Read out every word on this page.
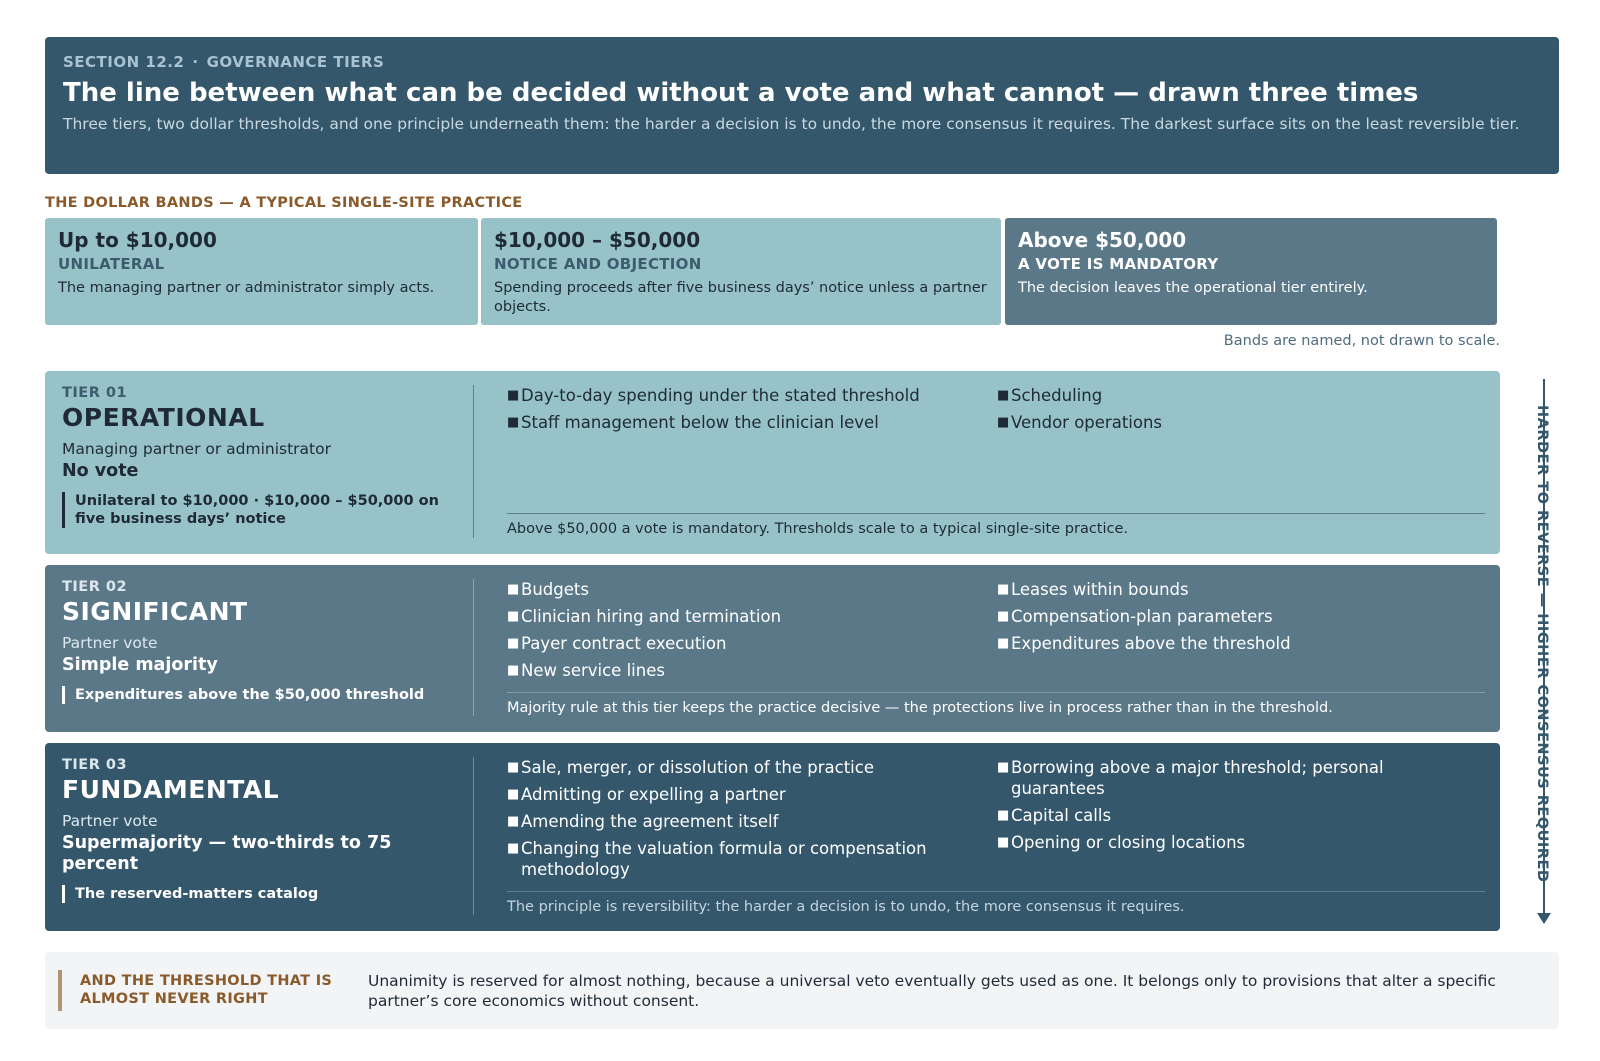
SECTION 12.2 · GOVERNANCE TIERS
The line between what can be decided without a vote and what cannot — drawn three times
Three tiers, two dollar thresholds, and one principle underneath them: the harder a decision is to undo, the more consensus it requires. The darkest surface sits on the least reversible tier.
THE DOLLAR BANDS — A TYPICAL SINGLE-SITE PRACTICE
Up to $10,000
UNILATERAL
The managing partner or administrator simply acts.
$10,000 – $50,000
NOTICE AND OBJECTION
Spending proceeds after five business days’ notice unless a partner objects.
Above $50,000
A VOTE IS MANDATORY
The decision leaves the operational tier entirely.
Bands are named, not drawn to scale.
TIER 01
OPERATIONAL
Managing partner or administrator
No vote
Unilateral to $10,000 · $10,000 – $50,000 on five business days’ notice
■ Day-to-day spending under the stated threshold
■ Staff management below the clinician level
■ Scheduling
■ Vendor operations
Above $50,000 a vote is mandatory. Thresholds scale to a typical single-site practice.
TIER 02
SIGNIFICANT
Partner vote
Simple majority
Expenditures above the $50,000 threshold
■ Budgets
■ Clinician hiring and termination
■ Payer contract execution
■ New service lines
■ Leases within bounds
■ Compensation-plan parameters
■ Expenditures above the threshold
Majority rule at this tier keeps the practice decisive — the protections live in process rather than in the threshold.
TIER 03
FUNDAMENTAL
Partner vote
Supermajority — two-thirds to 75 percent
The reserved-matters catalog
■ Sale, merger, or dissolution of the practice
■ Admitting or expelling a partner
■ Amending the agreement itself
■ Changing the valuation formula or compensation methodology
■ Borrowing above a major threshold; personal guarantees
■ Capital calls
■ Opening or closing locations
The principle is reversibility: the harder a decision is to undo, the more consensus it requires.
HARDER TO REVERSE — HIGHER CONSENSUS REQUIRED
AND THE THRESHOLD THAT IS ALMOST NEVER RIGHT
Unanimity is reserved for almost nothing, because a universal veto eventually gets used as one. It belongs only to provisions that alter a specific partner’s core economics without consent.
